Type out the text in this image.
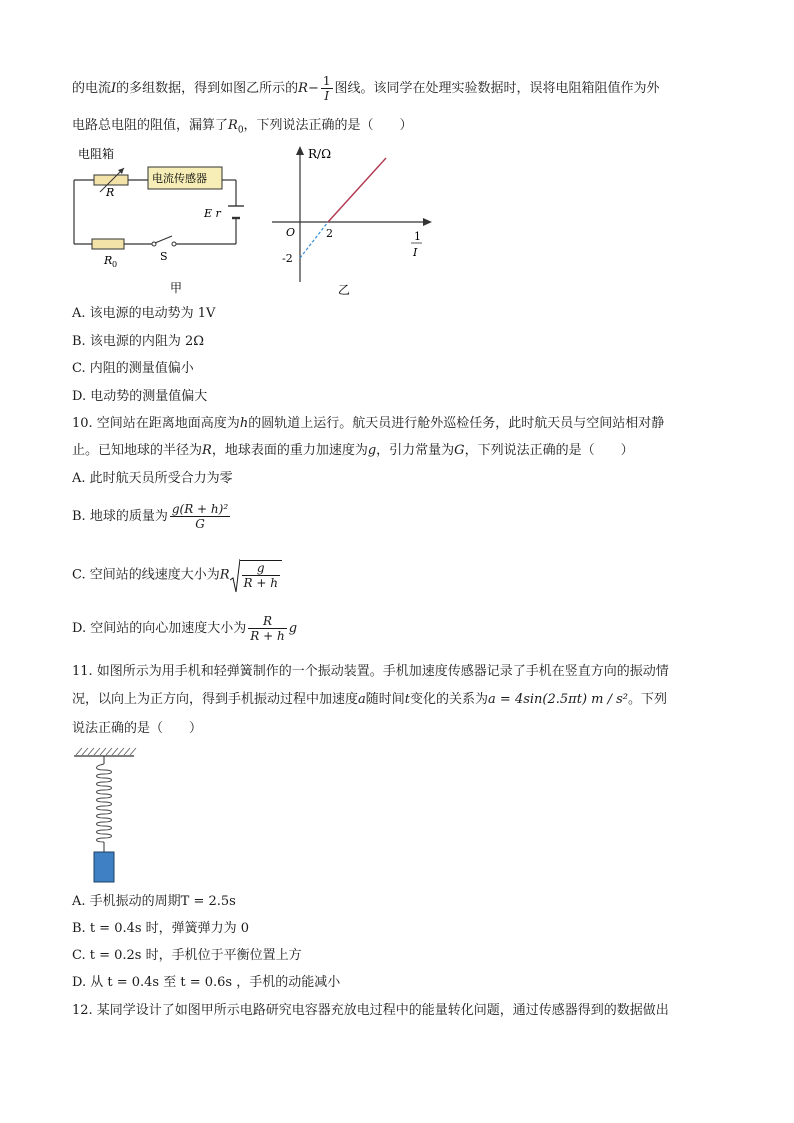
的电流I的多组数据，得到如图乙所示的$R- \frac{1}{I}$ 图线。该同学在处理实验数据时，误将电阻箱阻值作为外
电路总电阻的阻值，漏算了$R_0$，下列说法正确的是（　　）
电阻箱
R
电流传感器
E r
R 0
S
甲
R/Ω
O	2
-2
1
I
乙
A. 该电源的电动势为 1V
B. 该电源的内阻为 2Ω
C. 内阻的测量值偏小
D. 电动势的测量值偏大
10. 空间站在距离地面高度为h的圆轨道上运行。航天员进行舱外巡检任务，此时航天员与空间站相对静
止。已知地球的半径为R，地球表面的重力加速度为g，引力常量为G，下列说法正确的是（　　）
A. 此时航天员所受合力为零
B. 地球的质量为 $\frac{\text{g(R + h)²}}{G}$
C. 空间站的线速度大小为R $\frac{g}{R + h}$
D. 空间站的向心加速度大小为 $\frac{R}{R + h}$ g
11. 如图所示为用手机和轻弹簧制作的一个振动装置。手机加速度传感器记录了手机在竖直方向的振动情
况，以向上为正方向，得到手机振动过程中加速度a随时间t变化的关系为a = 4sin(2.5πt) m / s²。下列
说法正确的是（　　）
A. 手机振动的周期T = 2.5s
B. t = 0.4s 时，弹簧弹力为 0
C. t = 0.2s 时，手机位于平衡位置上方
D. 从 t = 0.4s 至 t = 0.6s ，手机的动能减小
12. 某同学设计了如图甲所示电路研究电容器充放电过程中的能量转化问题，通过传感器得到的数据做出
